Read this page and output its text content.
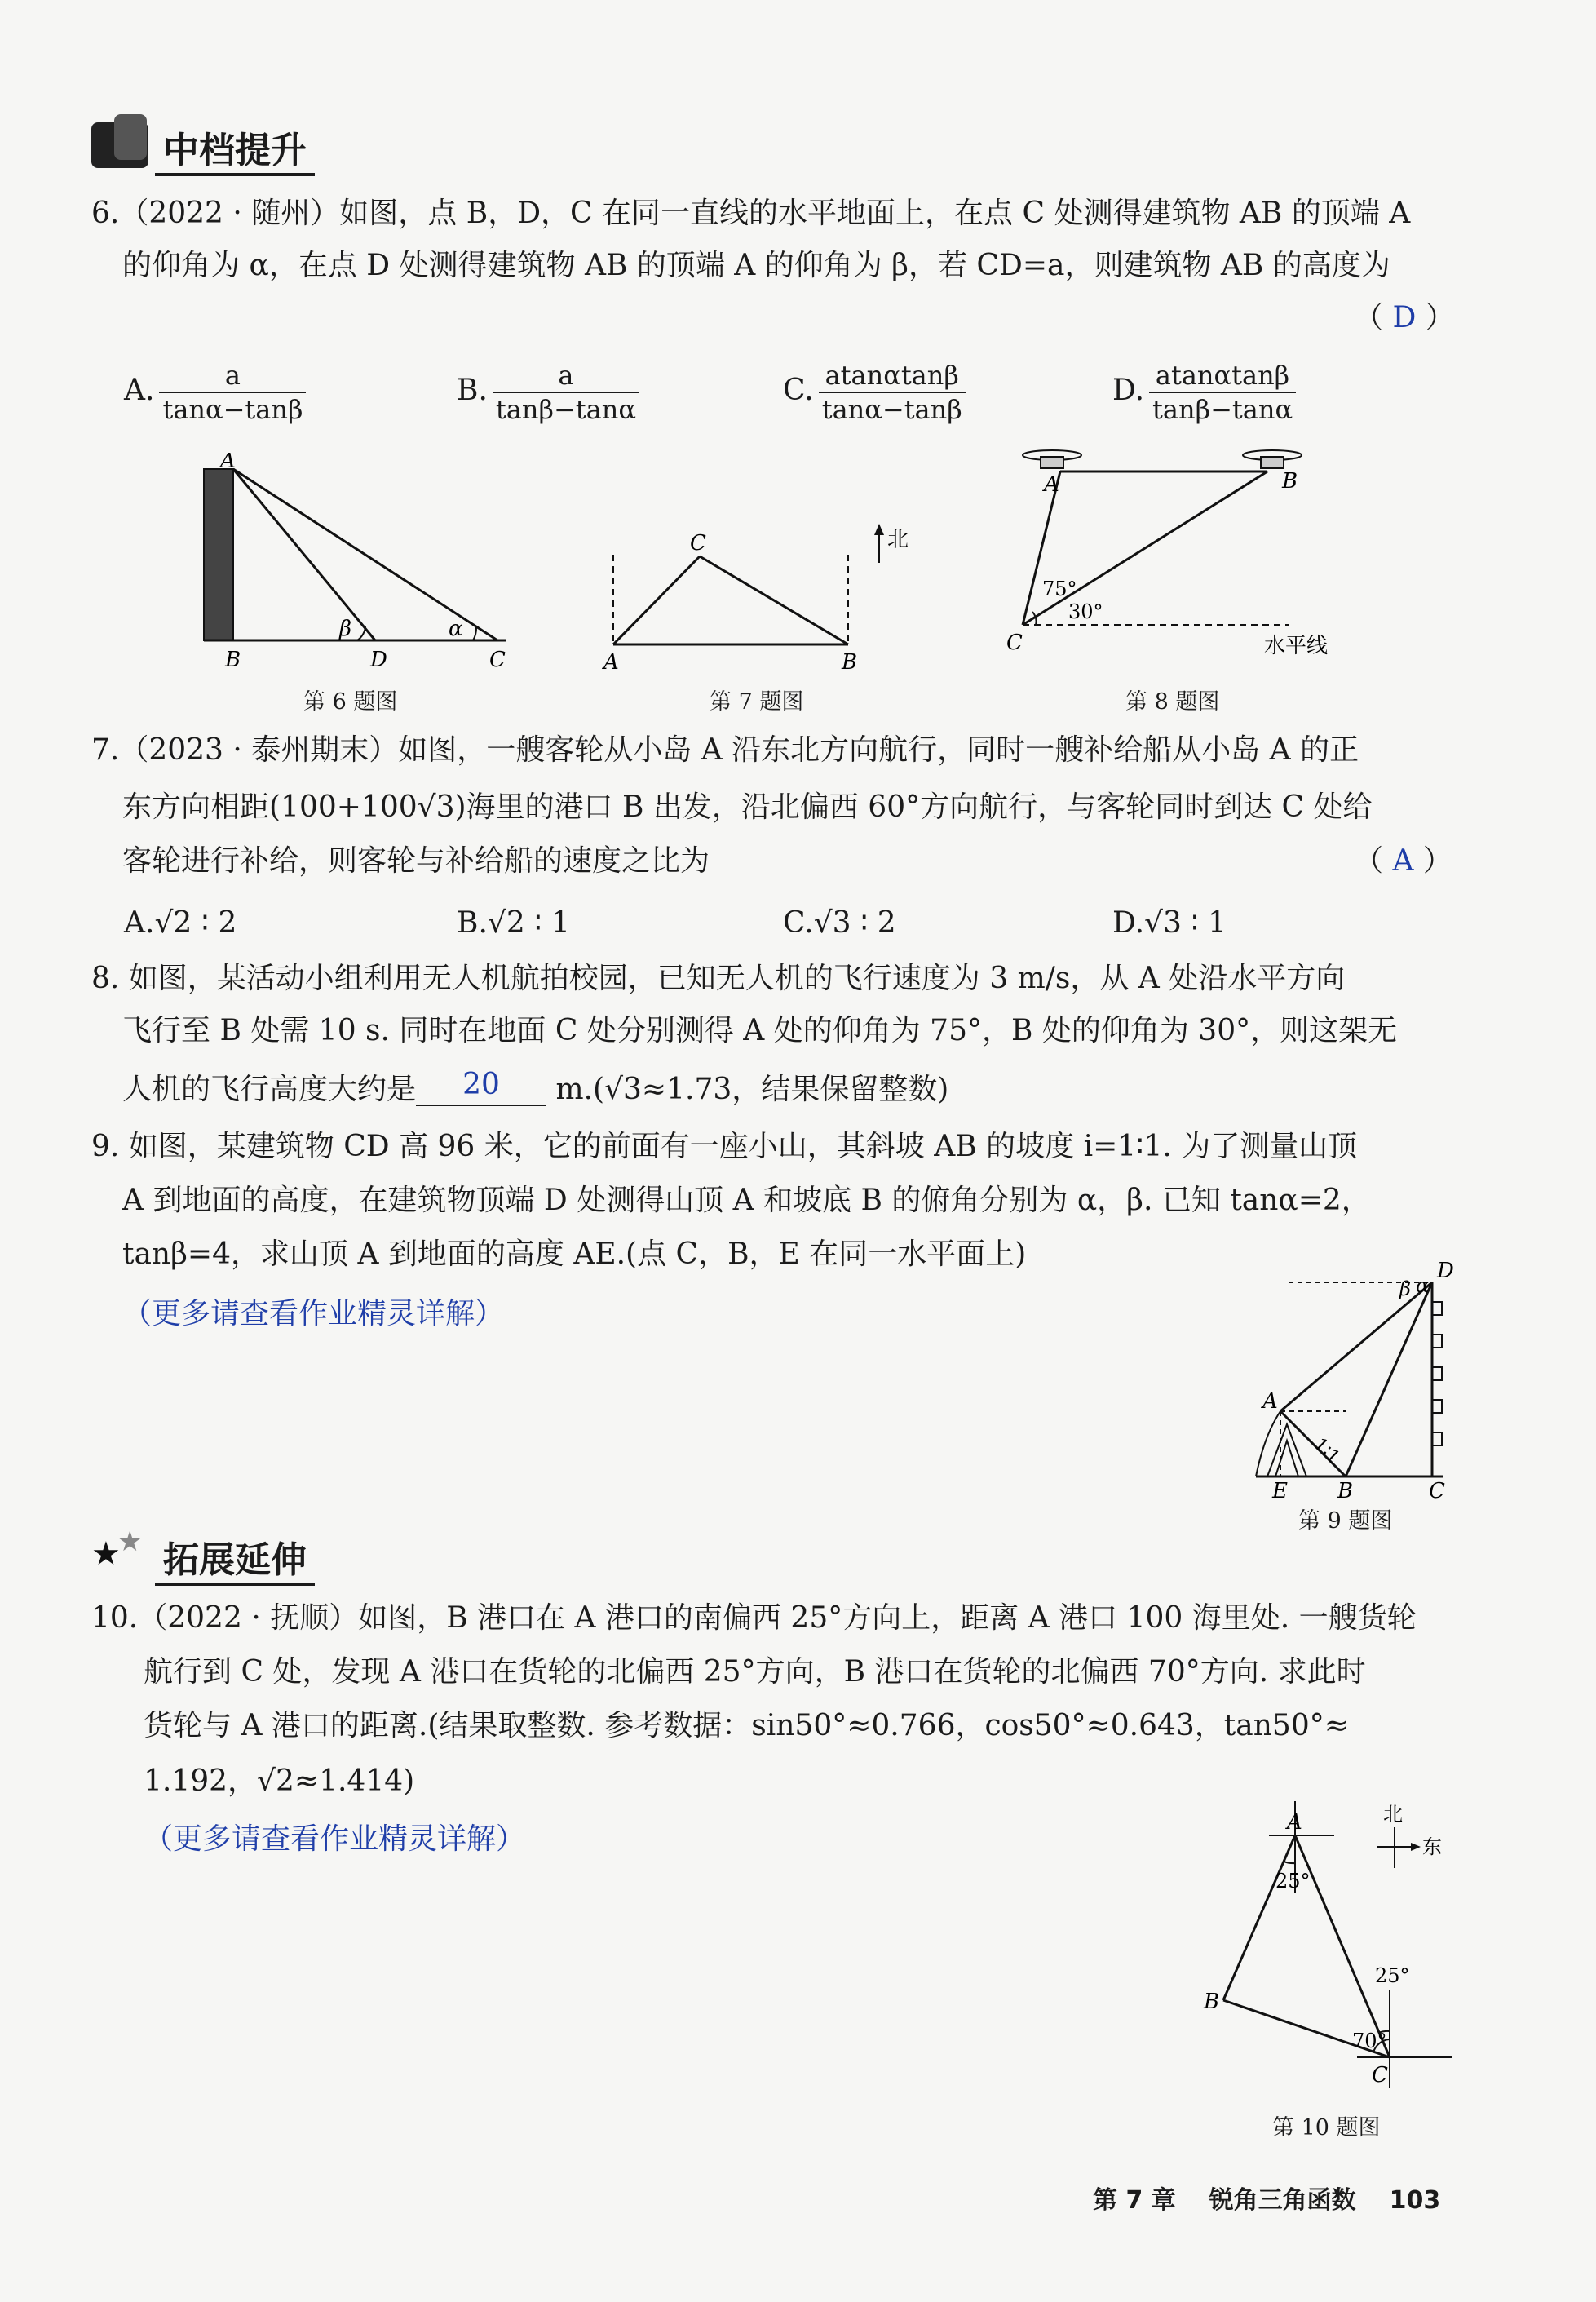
中档提升
6.（2022 · 随州）如图，点 B，D，C 在同一直线的水平地面上，在点 C 处测得建筑物 AB 的顶端 A
的仰角为 α，在点 D 处测得建筑物 AB 的顶端 A 的仰角为 β，若 CD=a，则建筑物 AB 的高度为
（ D ）
A. $\frac{a}{\tan\alpha-\tan\beta}$	B. $\frac{a}{\tan\beta-\tan\alpha}$	C. $\frac{atan\alpha\tan\beta}{\tan\alpha-\tan\beta}$	D. $\frac{atan\alpha\tan\beta}{\tan\beta-\tan\alpha}$
A
B	D	C
β	α
第 6 题图
北
C
A	B
第 7 题图
75°
30°
A	B
C	水平线
第 8 题图
7.（2023 · 泰州期末）如图，一艘客轮从小岛 A 沿东北方向航行，同时一艘补给船从小岛 A 的正
东方向相距(100+100√3)海里的港口 B 出发，沿北偏西 60°方向航行，与客轮同时到达 C 处给
客轮进行补给，则客轮与补给船的速度之比为	（ A ）
A.√2 ∶ 2	B.√2 ∶ 1	C.√3 ∶ 2	D.√3 ∶ 1
8. 如图，某活动小组利用无人机航拍校园，已知无人机的飞行速度为 3 m/s，从 A 处沿水平方向
飞行至 B 处需 10 s. 同时在地面 C 处分别测得 A 处的仰角为 75°，B 处的仰角为 30°，则这架无
人机的飞行高度大约是 20 m.(√3≈1.73，结果保留整数)
9. 如图，某建筑物 CD 高 96 米，它的前面有一座小山，其斜坡 AB 的坡度 i=1∶1. 为了测量山顶
A 到地面的高度，在建筑物顶端 D 处测得山顶 A 和坡底 B 的俯角分别为 α，β. 已知 tanα=2，
tanβ=4，求山顶 A 到地面的高度 AE.(点 C，B，E 在同一水平面上)
（更多请查看作业精灵详解）
β α
1∶1
A
D
E B	C
第 9 题图
★
★ 拓展延伸
10.（2022 · 抚顺）如图，B 港口在 A 港口的南偏西 25°方向上，距离 A 港口 100 海里处. 一艘货轮
航行到 C 处，发现 A 港口在货轮的北偏西 25°方向，B 港口在货轮的北偏西 70°方向. 求此时
货轮与 A 港口的距离.(结果取整数. 参考数据：sin50°≈0.766，cos50°≈0.643，tan50°≈
1.192，√2≈1.414)
（更多请查看作业精灵详解）
北
东
25°
25°
70°
A
B
C
第 10 题图
第 7 章 锐角三角函数 103
